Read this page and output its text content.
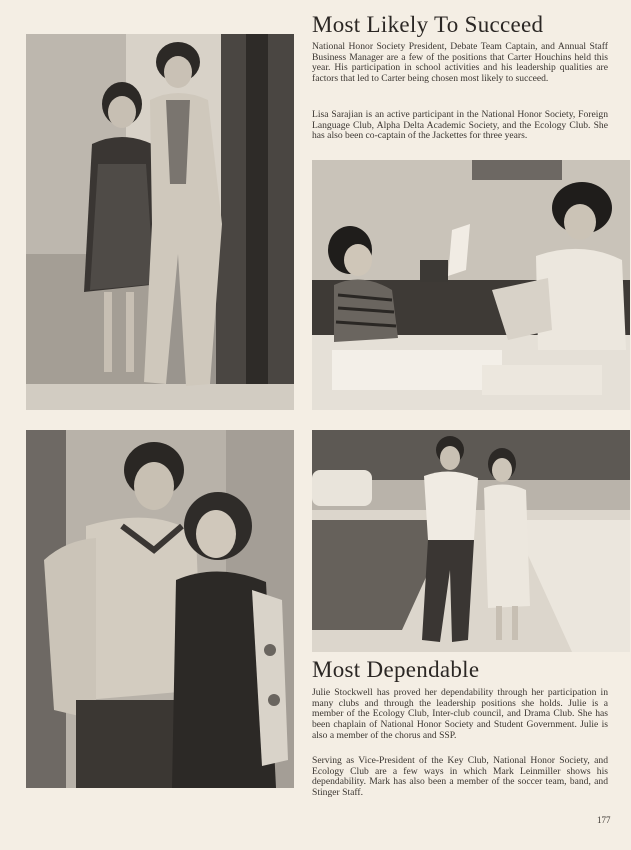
Most Likely To Succeed

National Honor Society President, Debate Team Captain, and Annual Staff Business Manager are a few of the positions that Carter Houchins held this year. His participation in school activities and his leadership qualities are factors that led to Carter being chosen most likely to succeed.

Lisa Sarajian is an active participant in the National Honor Society, Foreign Language Club, Alpha Delta Academic Society, and the Ecology Club. She has also been co-captain of the Jackettes for three years.

Most Dependable

Julie Stockwell has proved her dependability through her participation in many clubs and through the leadership positions she holds. Julie is a member of the Ecology Club, Inter-club council, and Drama Club. She has been chaplain of National Honor Society and Student Government. Julie is also a member of the chorus and SSP.

Serving as Vice-President of the Key Club, National Honor Society, and Ecology Club are a few ways in which Mark Leinmiller shows his dependability. Mark has also been a member of the soccer team, band, and Stinger Staff.

177
